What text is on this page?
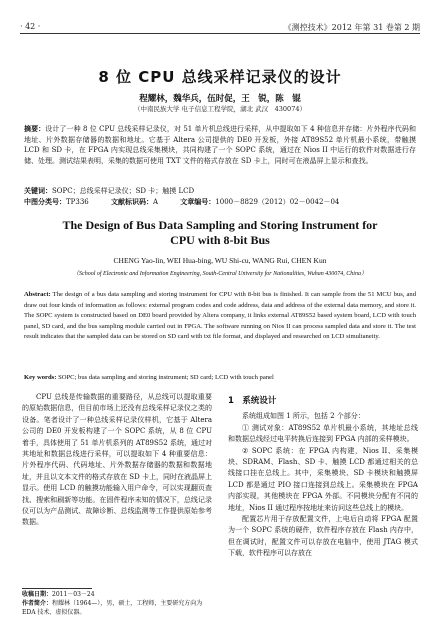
· 42 ·	《测控技术》2012 年第 31 卷第 2 期
8 位 CPU 总线采样记录仪的设计
程耀林，魏华兵，伍时促，王　锐，陈　锟
（中南民族大学 电子信息工程学院，湖北 武汉　430074）
摘要：设计了一种 8 位 CPU 总线采样记录仪，对 51 单片机总线进行采样，从中提取如下 4 种信息并存储：片外程序代码和地址、片外数据存储器的数据和地址。它基于 Altera 公司提供的 DE0 开发板，外接 AT89S52 单片机最小系统，带触摸 LCD 和 SD 卡，在 FPGA 内实现总线采集模块，共同构建了一个 SOPC 系统，通过在 Nios II 中运行的软件对数据进行存储、处理。测试结果表明，采集的数据可使用 TXT 文件的格式存放在 SD 卡上，同时可在液晶屏上显示和查找。
关键词：SOPC；总线采样记录仪；SD 卡；触摸 LCD
中图分类号：TP336	文献标识码：A	文章编号：1000－8829（2012）02－0042－04
The Design of Bus Data Sampling and Storing Instrument for
CPU with 8-bit Bus
CHENG Yao-lin, WEI Hua-bing, WU Shi-cu, WANG Rui, CHEN Kun
（School of Electronic and Information Engineering, South-Central University for Nationalities, Wuhan 430074, China）
Abstract: The design of a bus data sampling and storing instrument for CPU with 8-bit bus is finished. It can sample from the 51 MCU bus, and draw out four kinds of information as follows: external program codes and code address, data and address of the external data memory, and store it. The SOPC system is constructed based on DE0 board provided by Altera company, it links external AT89S52 based system board, LCD with touch panel, SD card, and the bus sampling module carried out in FPGA. The software running on Nios II can process sampled data and store it. The test result indicates that the sampled data can be stored on SD card with txt file format, and displayed and researched on LCD simultaneity.
Key words: SOPC; bus data sampling and storing instrument; SD card; LCD with touch panel

CPU 总线是传输数据的重要路径，从总线可以提取重要的原始数据信息，但目前市场上还没有总线采样记录仪之类的设备。笔者设计了一种总线采样记录仪样机，它基于 Altera 公司的 DE0 开发板构建了一个 SOPC 系统，从 8 位 CPU 着手，具体使用了 51 单片机系列的 AT89S52 系统，通过对其地址和数据总线进行采样，可以提取如下 4 种重要信息：片外程序代码、代码地址、片外数据存储器的数据和数据地址，并且以文本文件的格式存放在 SD 卡上，同时在液晶屏上显示。使用 LCD 的触摸功能输入用户命令，可以实现翻页查找、搜索和刷新等功能。在固件程序未知的情况下，总线记录仪可以为产品测试、故障诊断、总线监测等工作提供原始参考数据。

1　系统设计

系统组成如图 1 所示，包括 2 个部分：

① 测试对象：AT89S52 单片机最小系统，其地址总线和数据总线经过电平转换后连接到 FPGA 内部的采样模块。

② SOPC 系统：在 FPGA 内构建，Nios II、采集模块、SDRAM、Flash、SD 卡、触摸 LCD 都通过相关的总线接口挂在总线上。其中，采集模块、SD 卡模块和触摸屏 LCD 都是通过 PIO 接口连接到总线上。采集模块在 FPGA 内部实现，其他模块在 FPGA 外部。不同模块分配有不同的地址，Nios II 通过程序按地址来访问这些总线上的模块。

配置芯片用于存放配置文件，上电后自动将 FPGA 配置为一个 SOPC 系统的硬件，软件程序存放在 Flash 内存中，但在调试时，配置文件可以存放在电脑中，使用 JTAG 模式下载，软件程序可以存放在

收稿日期：2011－03－24
作者简介：程耀林（1964—），男，硕士，工程师，主要研究方向为 EDA 技术、虚拟仪器。
